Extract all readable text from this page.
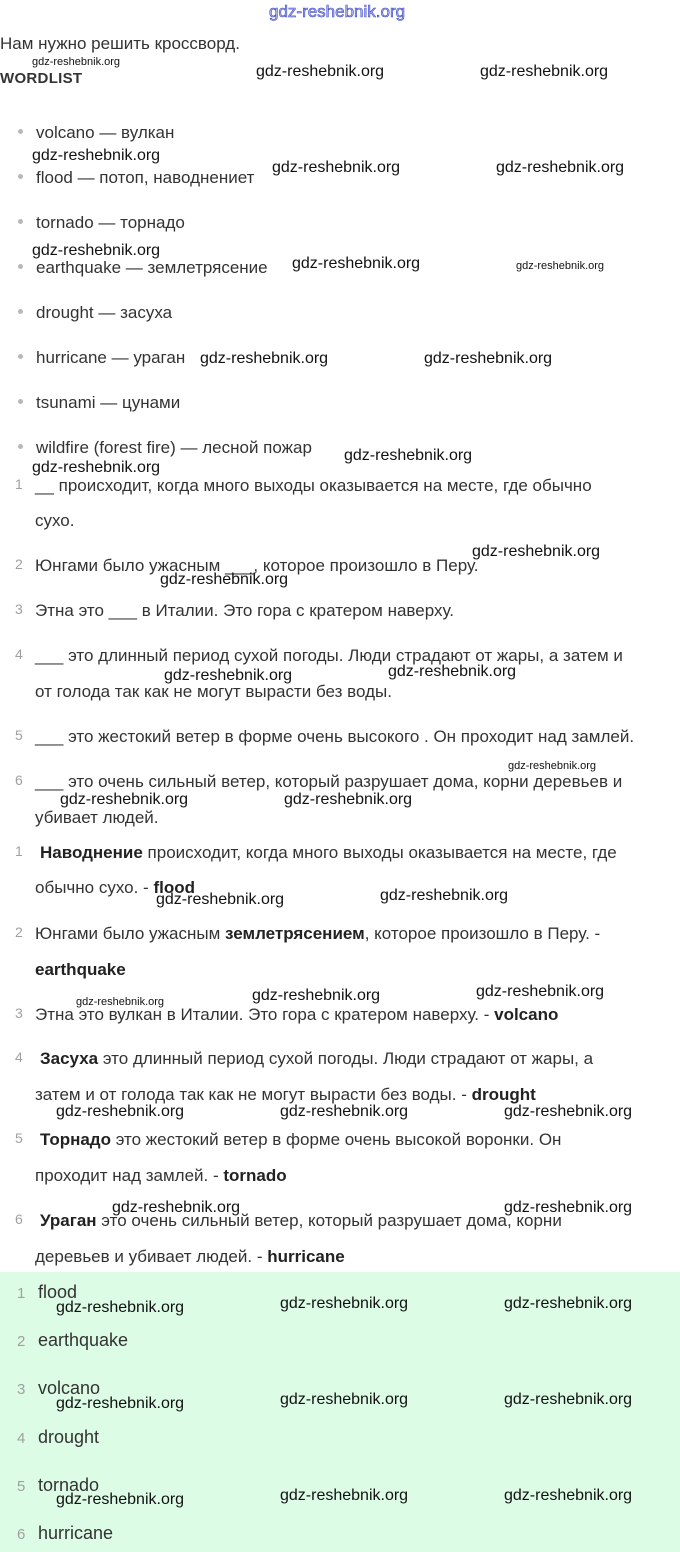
Нам нужно решить кроссворд.
WORDLIST
volcano — вулкан
flood — потоп, наводнениет
tornado — торнадо
earthquake — землетрясение
drought — засуха
hurricane — ураган
tsunami — цунами
wildfire (forest fire) — лесной пожар
1 __ происходит, когда много выходы оказывается на месте, где обычно
сухо.
2 Юнгами было ужасным ___, которое произошло в Перу.
3 Этна это ___ в Италии. Это гора с кратером наверху.
4 ___ это длинный период сухой погоды. Люди страдают от жары, а затем и
от голода так как не могут вырасти без воды.
5 ___ это жестокий ветер в форме очень высокого . Он проходит над замлей.
6 ___ это очень сильный ветер, который разрушает дома, корни деревьев и
убивает людей.
1 Наводнение происходит, когда много выходы оказывается на месте, где
обычно сухо. - flood
2 Юнгами было ужасным землетрясением, которое произошло в Перу. -
earthquake
3 Этна это вулкан в Италии. Это гора с кратером наверху. - volcano
4 Засуха это длинный период сухой погоды. Люди страдают от жары, а
затем и от голода так как не могут вырасти без воды. - drought
5 Торнадо это жестокий ветер в форме очень высокой воронки. Он
проходит над замлей. - tornado
6 Ураган это очень сильный ветер, который разрушает дома, корни
деревьев и убивает людей. - hurricane
1 flood
2 earthquake
3 volcano
4 drought
5 tornado
6 hurricane
gdz-reshebnik.org
gdz-reshebnik.org
gdz-reshebnik.org	gdz-reshebnik.org
gdz-reshebnik.org
gdz-reshebnik.org	gdz-reshebnik.org
gdz-reshebnik.org
gdz-reshebnik.org	gdz-reshebnik.org
gdz-reshebnik.org	gdz-reshebnik.org
gdz-reshebnik.org
gdz-reshebnik.org
gdz-reshebnik.org
gdz-reshebnik.org
gdz-reshebnik.org	gdz-reshebnik.org
gdz-reshebnik.org
gdz-reshebnik.org	gdz-reshebnik.org
gdz-reshebnik.org	gdz-reshebnik.org
gdz-reshebnik.org	gdz-reshebnik.org
gdz-reshebnik.org
gdz-reshebnik.org	gdz-reshebnik.org	gdz-reshebnik.org
gdz-reshebnik.org	gdz-reshebnik.org
gdz-reshebnik.org	gdz-reshebnik.org	gdz-reshebnik.org
gdz-reshebnik.org	gdz-reshebnik.org	gdz-reshebnik.org
gdz-reshebnik.org	gdz-reshebnik.org	gdz-reshebnik.org
